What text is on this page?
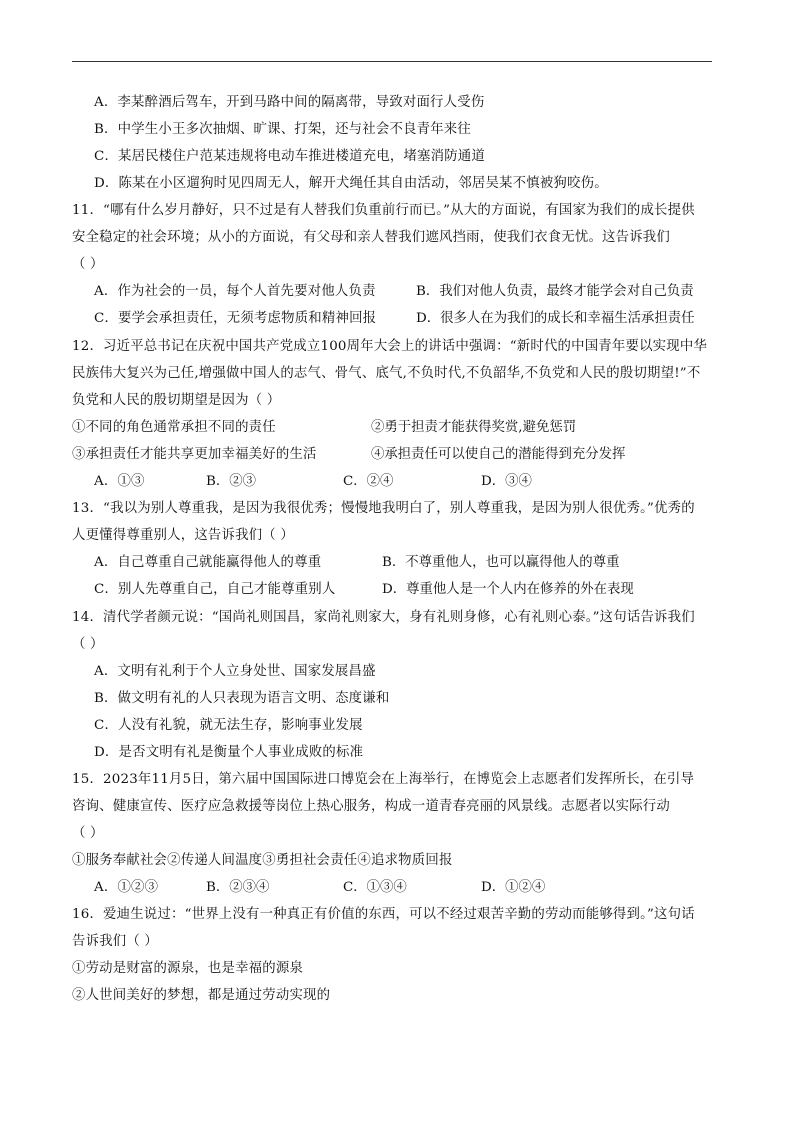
A．李某醉酒后驾车，开到马路中间的隔离带，导致对面行人受伤
B．中学生小王多次抽烟、旷课、打架，还与社会不良青年来往
C．某居民楼住户范某违规将电动车推进楼道充电，堵塞消防通道
D．陈某在小区遛狗时见四周无人，解开犬绳任其自由活动，邻居吴某不慎被狗咬伤。
11．“哪有什么岁月静好，只不过是有人替我们负重前行而已。”从大的方面说，有国家为我们的成长提供
安全稳定的社会环境；从小的方面说，有父母和亲人替我们遮风挡雨，使我们衣食无忧。这告诉我们
（ ）
A．作为社会的一员，每个人首先要对他人负责	B．我们对他人负责，最终才能学会对自己负责
C．要学会承担责任，无须考虑物质和精神回报	D．很多人在为我们的成长和幸福生活承担责任
12．习近平总书记在庆祝中国共产党成立100周年大会上的讲话中强调：“新时代的中国青年要以实现中华
民族伟大复兴为己任,增强做中国人的志气、骨气、底气,不负时代,不负韶华,不负党和人民的殷切期望!”不
负党和人民的殷切期望是因为（ ）
①不同的角色通常承担不同的责任	②勇于担责才能获得奖赏,避免惩罚
③承担责任才能共享更加幸福美好的生活	④承担责任可以使自己的潜能得到充分发挥
A．①③	B．②③	C．②④	D．③④
13．“我以为别人尊重我，是因为我很优秀；慢慢地我明白了，别人尊重我，是因为别人很优秀。”优秀的
人更懂得尊重别人，这告诉我们（ ）
A．自己尊重自己就能赢得他人的尊重	B．不尊重他人，也可以赢得他人的尊重
C．别人先尊重自己，自己才能尊重别人	D．尊重他人是一个人内在修养的外在表现
14．清代学者颜元说：“国尚礼则国昌，家尚礼则家大，身有礼则身修，心有礼则心泰。”这句话告诉我们
（ ）
A．文明有礼利于个人立身处世、国家发展昌盛
B．做文明有礼的人只表现为语言文明、态度谦和
C．人没有礼貌，就无法生存，影响事业发展
D．是否文明有礼是衡量个人事业成败的标准
15．2023年11月5日，第六届中国国际进口博览会在上海举行，在博览会上志愿者们发挥所长，在引导
咨询、健康宣传、医疗应急救援等岗位上热心服务，构成一道青春亮丽的风景线。志愿者以实际行动
（ ）
①服务奉献社会②传递人间温度③勇担社会责任④追求物质回报
A．①②③	B．②③④	C．①③④	D．①②④
16．爱迪生说过：“世界上没有一种真正有价值的东西，可以不经过艰苦辛勤的劳动而能够得到。”这句话
告诉我们（ ）
①劳动是财富的源泉，也是幸福的源泉
②人世间美好的梦想，都是通过劳动实现的
